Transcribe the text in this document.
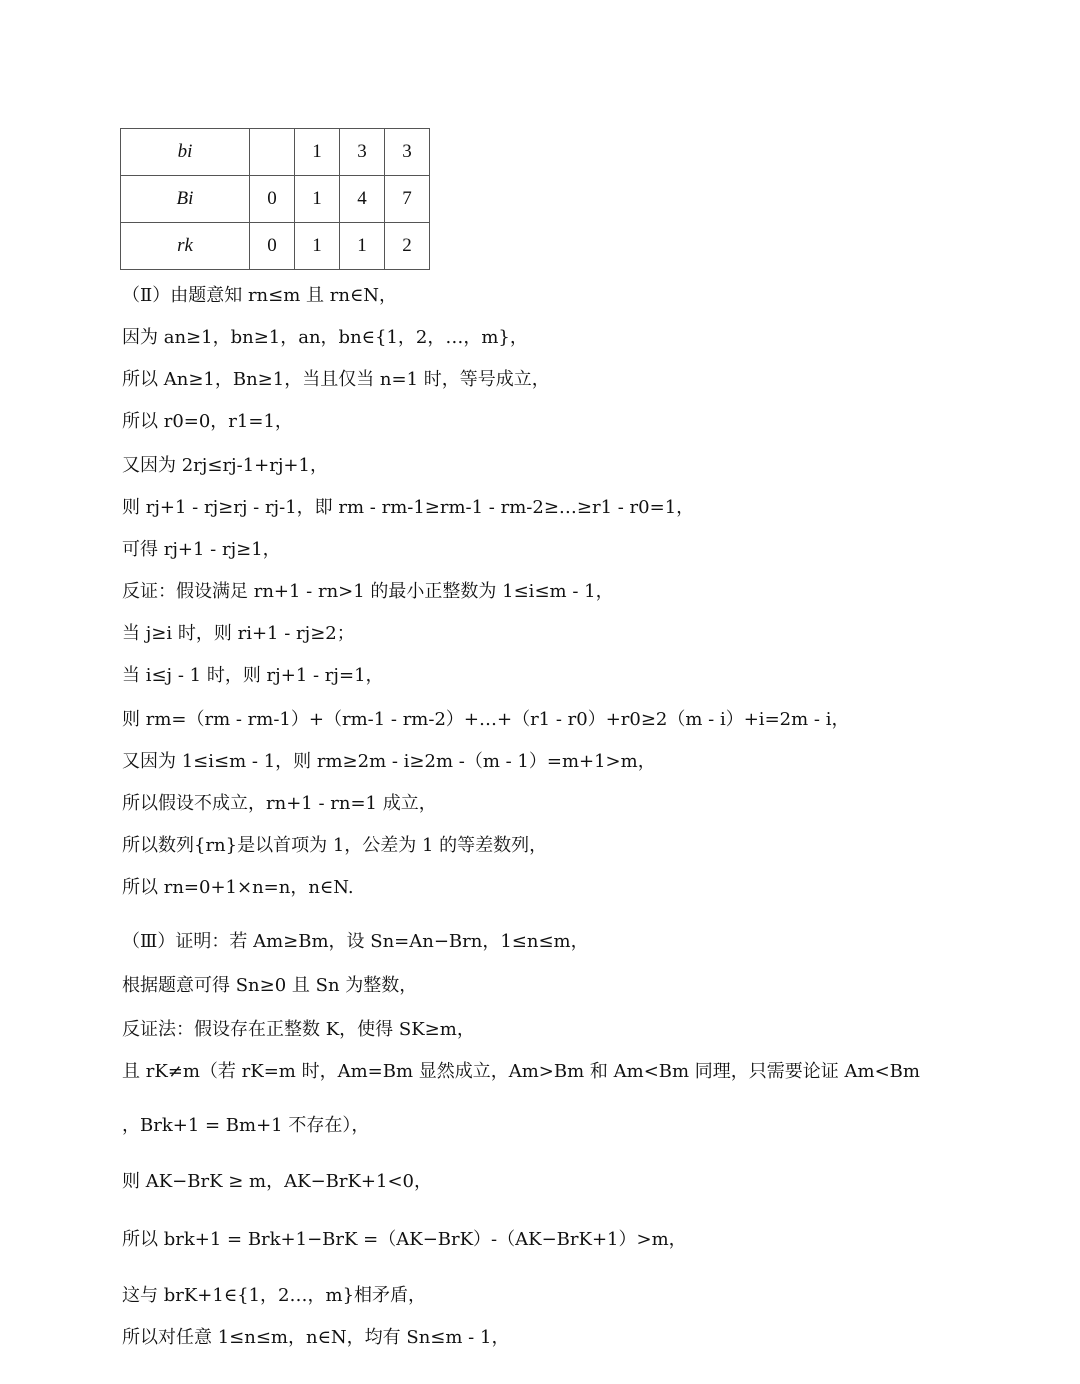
bi		1	3	3
Bi	0	1	4	7
rk	0	1	1	2
（Ⅱ）由题意知 rn≤m 且 rn∈N，
因为 an≥1，bn≥1，an，bn∈{1，2，…，m}，
所以 An≥1，Bn≥1，当且仅当 n=1 时，等号成立，
所以 r0=0，r1=1，
又因为 2rj≤rj-1+rj+1，
则 rj+1 - rj≥rj - rj-1，即 rm - rm-1≥rm-1 - rm-2≥…≥r1 - r0=1，
可得 rj+1 - rj≥1，
反证：假设满足 rn+1 - rn>1 的最小正整数为 1≤i≤m - 1，
当 j≥i 时，则 ri+1 - rj≥2；
当 i≤j - 1 时，则 rj+1 - rj=1，
则 rm=（rm - rm-1）+（rm-1 - rm-2）+…+（r1 - r0）+r0≥2（m - i）+i=2m - i，
又因为 1≤i≤m - 1，则 rm≥2m - i≥2m -（m - 1）=m+1>m，
所以假设不成立，rn+1 - rn=1 成立，
所以数列{rn}是以首项为 1，公差为 1 的等差数列，
所以 rn=0+1×n=n，n∈N.
（Ⅲ）证明：若 Am≥Bm，设 Sn=An−Brn，1≤n≤m，
根据题意可得 Sn≥0 且 Sn 为整数，
反证法：假设存在正整数 K，使得 SK≥m，
且 rK≠m（若 rK=m 时，Am=Bm 显然成立，Am>Bm 和 Am<Bm 同理，只需要论证 Am<Bm
，Brk+1 = Bm+1 不存在），
则 AK−BrK ≥ m，AK−BrK+1<0，
所以 brk+1 = Brk+1−BrK =（AK−BrK）-（AK−BrK+1）>m，
这与 brK+1∈{1，2…，m}相矛盾，
所以对任意 1≤n≤m，n∈N，均有 Sn≤m - 1，
